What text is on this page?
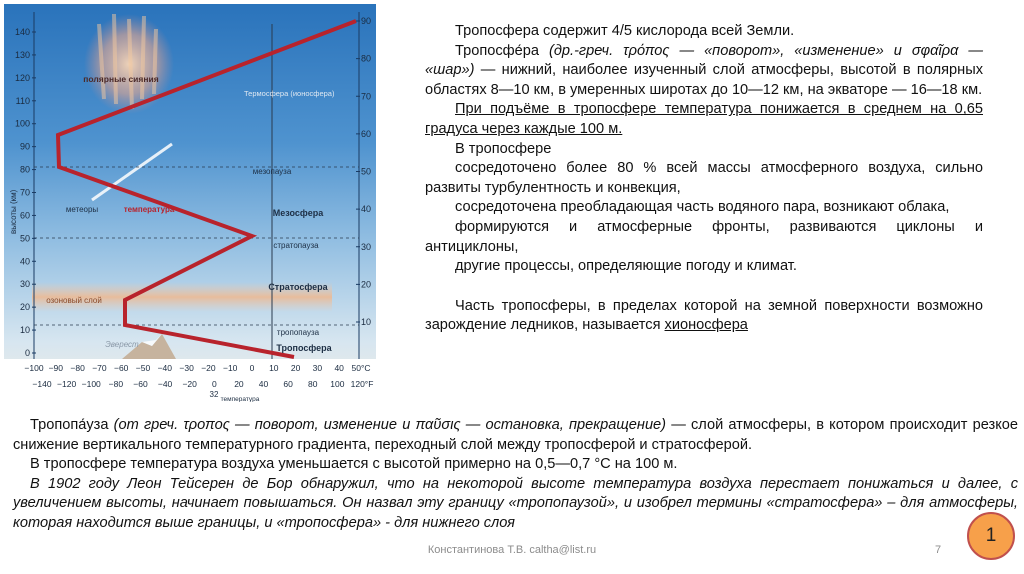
140
130
120
110
100
90
80
70
60
50
40
30
20
10
0
90
80
70
60
50
40
30
20
10
−100 −90 −80 −70 −60 −50 −40 −30 −20 −10 0 10 20 30 40 50°C
−140 −120 −100 −80 −60 −40 −20 0 20 40 60 80 100 120°F
высоты (км)
полярные сияния
Термосфера (ионосфера)
мезопауза
метеоры	температура	Мезосфера
стратопауза
Стратосфера
озоновый слой
тропопауза
Эверест	Тропосфера
32
температура

Тропосфера содержит 4/5 кислорода всей Земли.

Тропосфе́ра (др.-греч. τρόπος — «поворот», «изменение» и σφαῖρα — «шар») — нижний, наиболее изученный слой атмосферы, высотой в полярных областях 8—10 км, в умеренных широтах до 10—12 км, на экваторе — 16—18 км.

При подъёме в тропосфере температура понижается в среднем на 0,65 градуса через каждые 100 м.

В тропосфере

сосредоточено более 80 % всей массы атмосферного воздуха, сильно развиты турбулентность и конвекция,

сосредоточена преобладающая часть водяного пара, возникают облака,

формируются и атмосферные фронты, развиваются циклоны и антициклоны,

другие процессы, определяющие погоду и климат.

Часть тропосферы, в пределах которой на земной поверхности возможно зарождение ледников, называется хионосфера

Тропопа́уза (от греч. τροπος — поворот, изменение и παῦσις — остановка, прекращение) — слой атмосферы, в котором происходит резкое снижение вертикального температурного градиента, переходный слой между тропосферой и стратосферой.

В тропосфере температура воздуха уменьшается с высотой примерно на 0,5—0,7 °С на 100 м.

В 1902 году Леон Тейсерен де Бор обнаружил, что на некоторой высоте температура воздуха перестает понижаться и далее, с увеличением высоты, начинает повышаться. Он назвал эту границу «тропопаузой», и изобрел термины «стратосфера» – для атмосферы, которая находится выше границы, и «тропосфера» - для нижнего слоя

Константинова Т.В. caltha@list.ru	7
1
